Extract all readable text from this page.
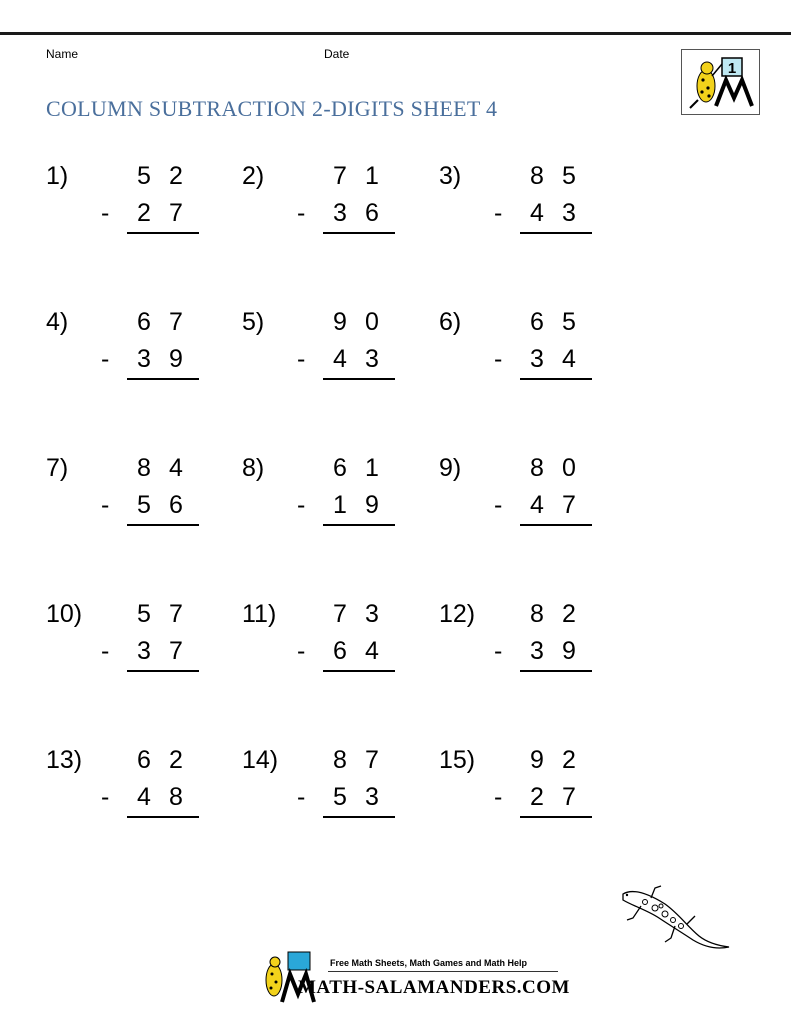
Name	Date
COLUMN SUBTRACTION 2-DIGITS SHEET 4
1
1)	5 2
2 7
-
2)	7 1
3 6
-
3)	8 5
4 3
-
4)	6 7
3 9
-
5)	9 0
4 3
-
6)	6 5
3 4
-
7)	8 4
5 6
-
8)	6 1
1 9
-
9)	8 0
4 7
-
10) 5 7
3 7
-
11) 7 3
6 4
-
12) 8 2
3 9
-
13) 6 2
4 8
-
14) 8 7
5 3
-
15) 9 2
2 7
-
Free Math Sheets, Math Games and Math Help
MATH-SALAMANDERS.COM
